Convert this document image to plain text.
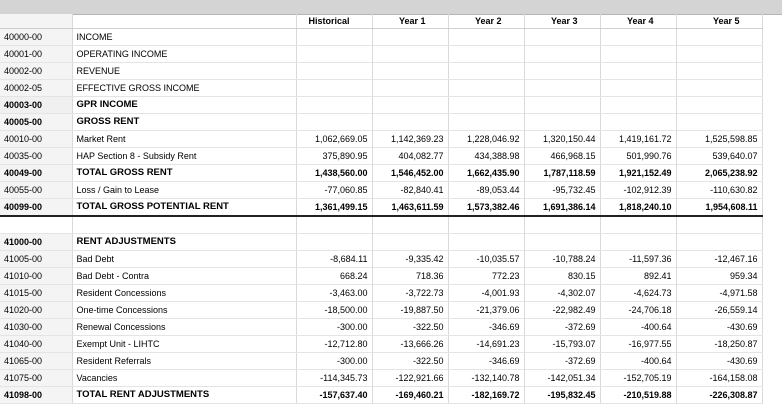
		Historical	Year 1	Year 2	Year 3	Year 4	Year 5
40000-00	INCOME						
40001-00	OPERATING INCOME						
40002-00	REVENUE						
40002-05	EFFECTIVE GROSS INCOME						
40003-00	GPR INCOME						
40005-00	GROSS RENT						
40010-00	Market Rent	1,062,669.05	1,142,369.23	1,228,046.92	1,320,150.44	1,419,161.72	1,525,598.85
40035-00	HAP Section 8 - Subsidy Rent	375,890.95	404,082.77	434,388.98	466,968.15	501,990.76	539,640.07
40049-00	TOTAL GROSS RENT	1,438,560.00	1,546,452.00	1,662,435.90	1,787,118.59	1,921,152.49	2,065,238.92
40055-00	Loss / Gain to Lease	-77,060.85	-82,840.41	-89,053.44	-95,732.45	-102,912.39	-110,630.82
40099-00	TOTAL GROSS POTENTIAL RENT	1,361,499.15	1,463,611.59	1,573,382.46	1,691,386.14	1,818,240.10	1,954,608.11

41000-00	RENT ADJUSTMENTS						
41005-00	Bad Debt	-8,684.11	-9,335.42	-10,035.57	-10,788.24	-11,597.36	-12,467.16
41010-00	Bad Debt - Contra	668.24	718.36	772.23	830.15	892.41	959.34
41015-00	Resident Concessions	-3,463.00	-3,722.73	-4,001.93	-4,302.07	-4,624.73	-4,971.58
41020-00	One-time Concessions	-18,500.00	-19,887.50	-21,379.06	-22,982.49	-24,706.18	-26,559.14
41030-00	Renewal Concessions	-300.00	-322.50	-346.69	-372.69	-400.64	-430.69
41040-00	Exempt Unit - LIHTC	-12,712.80	-13,666.26	-14,691.23	-15,793.07	-16,977.55	-18,250.87
41065-00	Resident Referrals	-300.00	-322.50	-346.69	-372.69	-400.64	-430.69
41075-00	Vacancies	-114,345.73	-122,921.66	-132,140.78	-142,051.34	-152,705.19	-164,158.08
41098-00	TOTAL RENT ADJUSTMENTS	-157,637.40	-169,460.21	-182,169.72	-195,832.45	-210,519.88	-226,308.87
